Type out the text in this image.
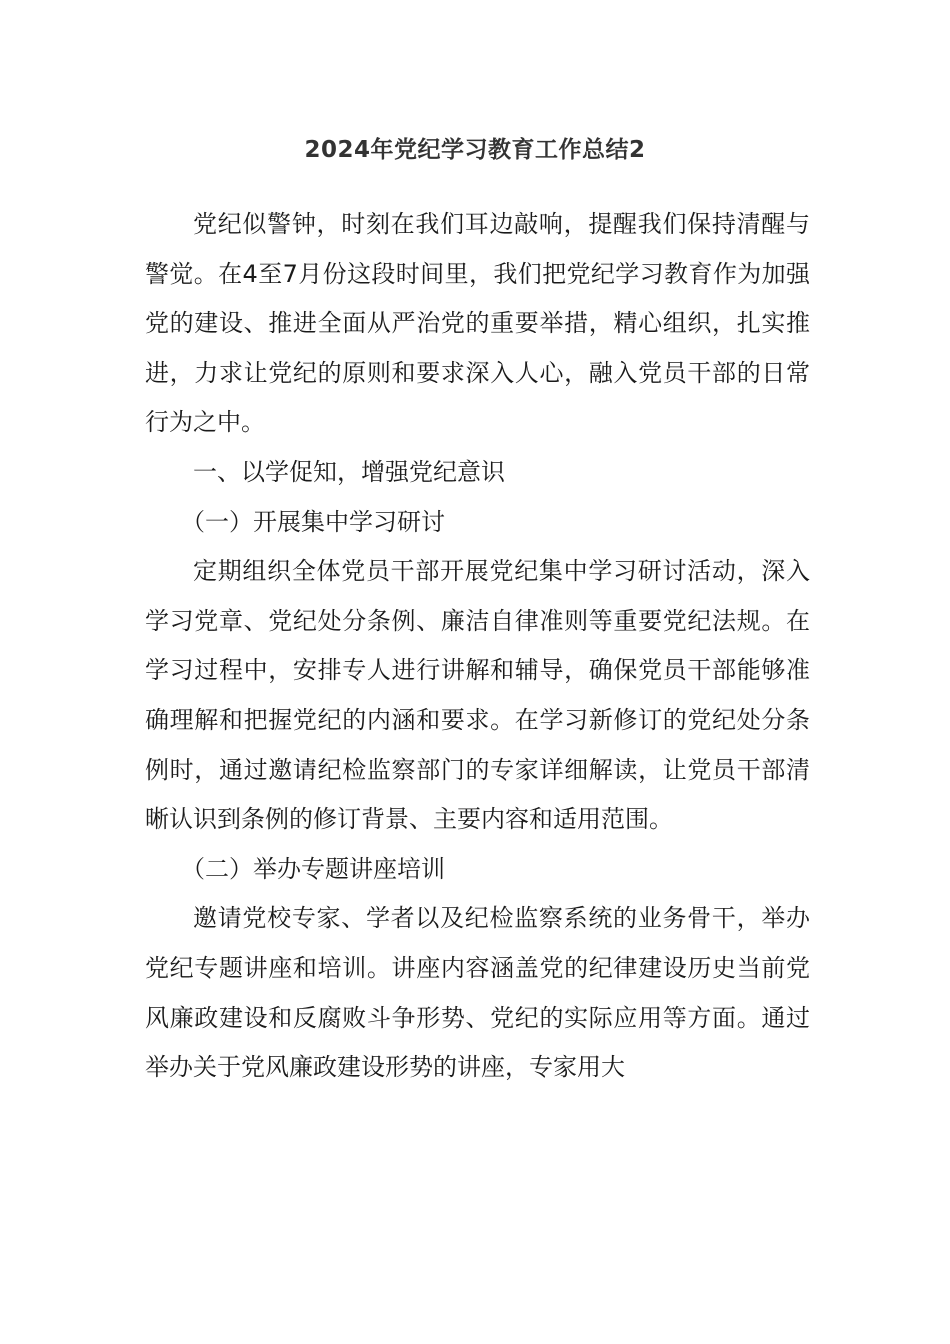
2024年党纪学习教育工作总结2

党纪似警钟，时刻在我们耳边敲响，提醒我们保持清醒与警觉。在4至7月份这段时间里，我们把党纪学习教育作为加强党的建设、推进全面从严治党的重要举措，精心组织，扎实推进，力求让党纪的原则和要求深入人心，融入党员干部的日常行为之中。

一、以学促知，增强党纪意识

（一）开展集中学习研讨

定期组织全体党员干部开展党纪集中学习研讨活动，深入学习党章、党纪处分条例、廉洁自律准则等重要党纪法规。在学习过程中，安排专人进行讲解和辅导，确保党员干部能够准确理解和把握党纪的内涵和要求。在学习新修订的党纪处分条例时，通过邀请纪检监察部门的专家详细解读，让党员干部清晰认识到条例的修订背景、主要内容和适用范围。

（二）举办专题讲座培训

邀请党校专家、学者以及纪检监察系统的业务骨干，举办党纪专题讲座和培训。讲座内容涵盖党的纪律建设历史当前党风廉政建设和反腐败斗争形势、党纪的实际应用等方面。通过举办关于党风廉政建设形势的讲座，专家用大
